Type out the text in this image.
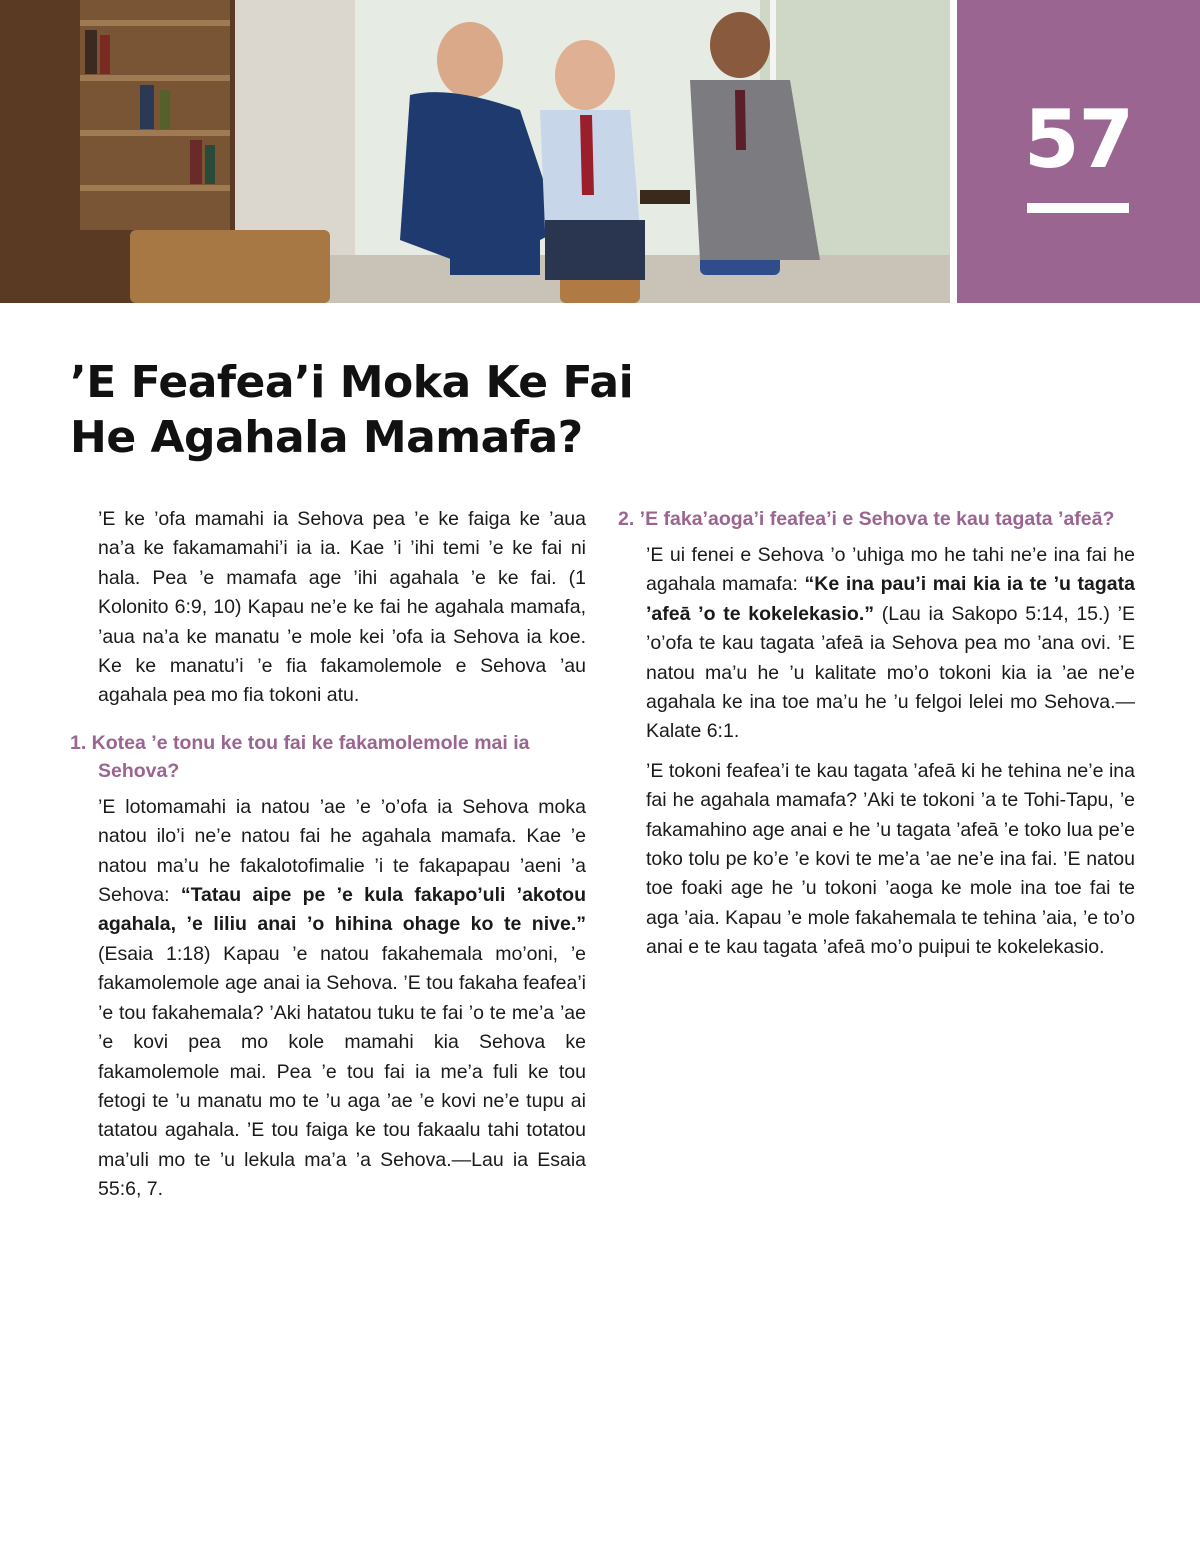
57
’E Feafea’i Moka Ke Fai He Agahala Mamafa?

’E ke ’ofa mamahi ia Sehova pea ’e ke faiga ke ’aua na’a ke fakamamahi’i ia ia. Kae ’i ’ihi temi ’e ke fai ni hala. Pea ’e mamafa age ’ihi agahala ’e ke fai. (1 Kolonito 6:9, 10) Kapau ne’e ke fai he agahala mamafa, ’aua na’a ke manatu ’e mole kei ’ofa ia Sehova ia koe. Ke ke manatu’i ’e fia fakamolemole e Sehova ’au agahala pea mo fia tokoni atu.

1. Kotea ’e tonu ke tou fai ke fakamolemole mai ia Sehova?

’E lotomamahi ia natou ’ae ’e ’o’ofa ia Sehova moka natou ilo’i ne’e natou fai he agahala mamafa. Kae ’e natou ma’u he fakalotofimalie ’i te fakapapau ’aeni ’a Sehova: “Tatau aipe pe ’e kula fakapo’uli ’akotou agahala, ’e liliu anai ’o hihina ohage ko te nive.” (Esaia 1:18) Kapau ’e natou fakahemala mo’oni, ’e fakamolemole age anai ia Sehova. ’E tou fakaha feafea’i ’e tou fakahemala? ’Aki hatatou tuku te fai ’o te me’a ’ae ’e kovi pea mo kole mamahi kia Sehova ke fakamolemole mai. Pea ’e tou fai ia me’a fuli ke tou fetogi te ’u manatu mo te ’u aga ’ae ’e kovi ne’e tupu ai tatatou agahala. ’E tou faiga ke tou fakaalu tahi totatou ma’uli mo te ’u lekula ma’a ’a Sehova.—Lau ia Esaia 55:6, 7.

2. ’E faka’aoga’i feafea’i e Sehova te kau tagata ’afeā?

’E ui fenei e Sehova ’o ’uhiga mo he tahi ne’e ina fai he agahala mamafa: “Ke ina pau’i mai kia ia te ’u tagata ’afeā ’o te kokelekasio.” (Lau ia Sakopo 5:14, 15.) ’E ’o’ofa te kau tagata ’afeā ia Sehova pea mo ’ana ovi. ’E natou ma’u he ’u kalitate mo’o tokoni kia ia ’ae ne’e agahala ke ina toe ma’u he ’u felgoi lelei mo Sehova.—Kalate 6:1.

’E tokoni feafea’i te kau tagata ’afeā ki he tehina ne’e ina fai he agahala mamafa? ’Aki te tokoni ’a te Tohi-Tapu, ’e fakamahino age anai e he ’u tagata ’afeā ’e toko lua pe’e toko tolu pe ko’e ’e kovi te me’a ’ae ne’e ina fai. ’E natou toe foaki age he ’u tokoni ’aoga ke mole ina toe fai te aga ’aia. Kapau ’e mole fakahemala te tehina ’aia, ’e to’o anai e te kau tagata ’afeā mo’o puipui te kokelekasio.
